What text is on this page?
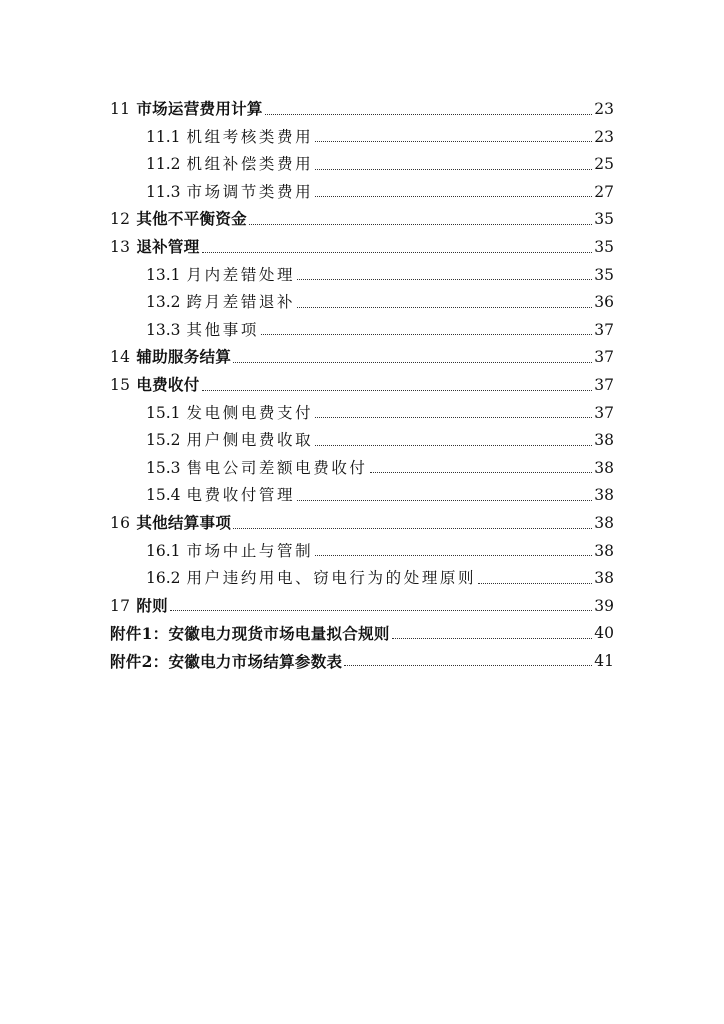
11 市场运营费用计算	23
11.1 机组考核类费用	23
11.2 机组补偿类费用	25
11.3 市场调节类费用	27
12 其他不平衡资金	35
13 退补管理	35
13.1 月内差错处理	35
13.2 跨月差错退补	36
13.3 其他事项	37
14 辅助服务结算	37
15 电费收付	37
15.1 发电侧电费支付	37
15.2 用户侧电费收取	38
15.3 售电公司差额电费收付	38
15.4 电费收付管理	38
16 其他结算事项	38
16.1 市场中止与管制	38
16.2 用户违约用电、窃电行为的处理原则	38
17 附则	39
附件1：安徽电力现货市场电量拟合规则	40
附件2：安徽电力市场结算参数表	41
